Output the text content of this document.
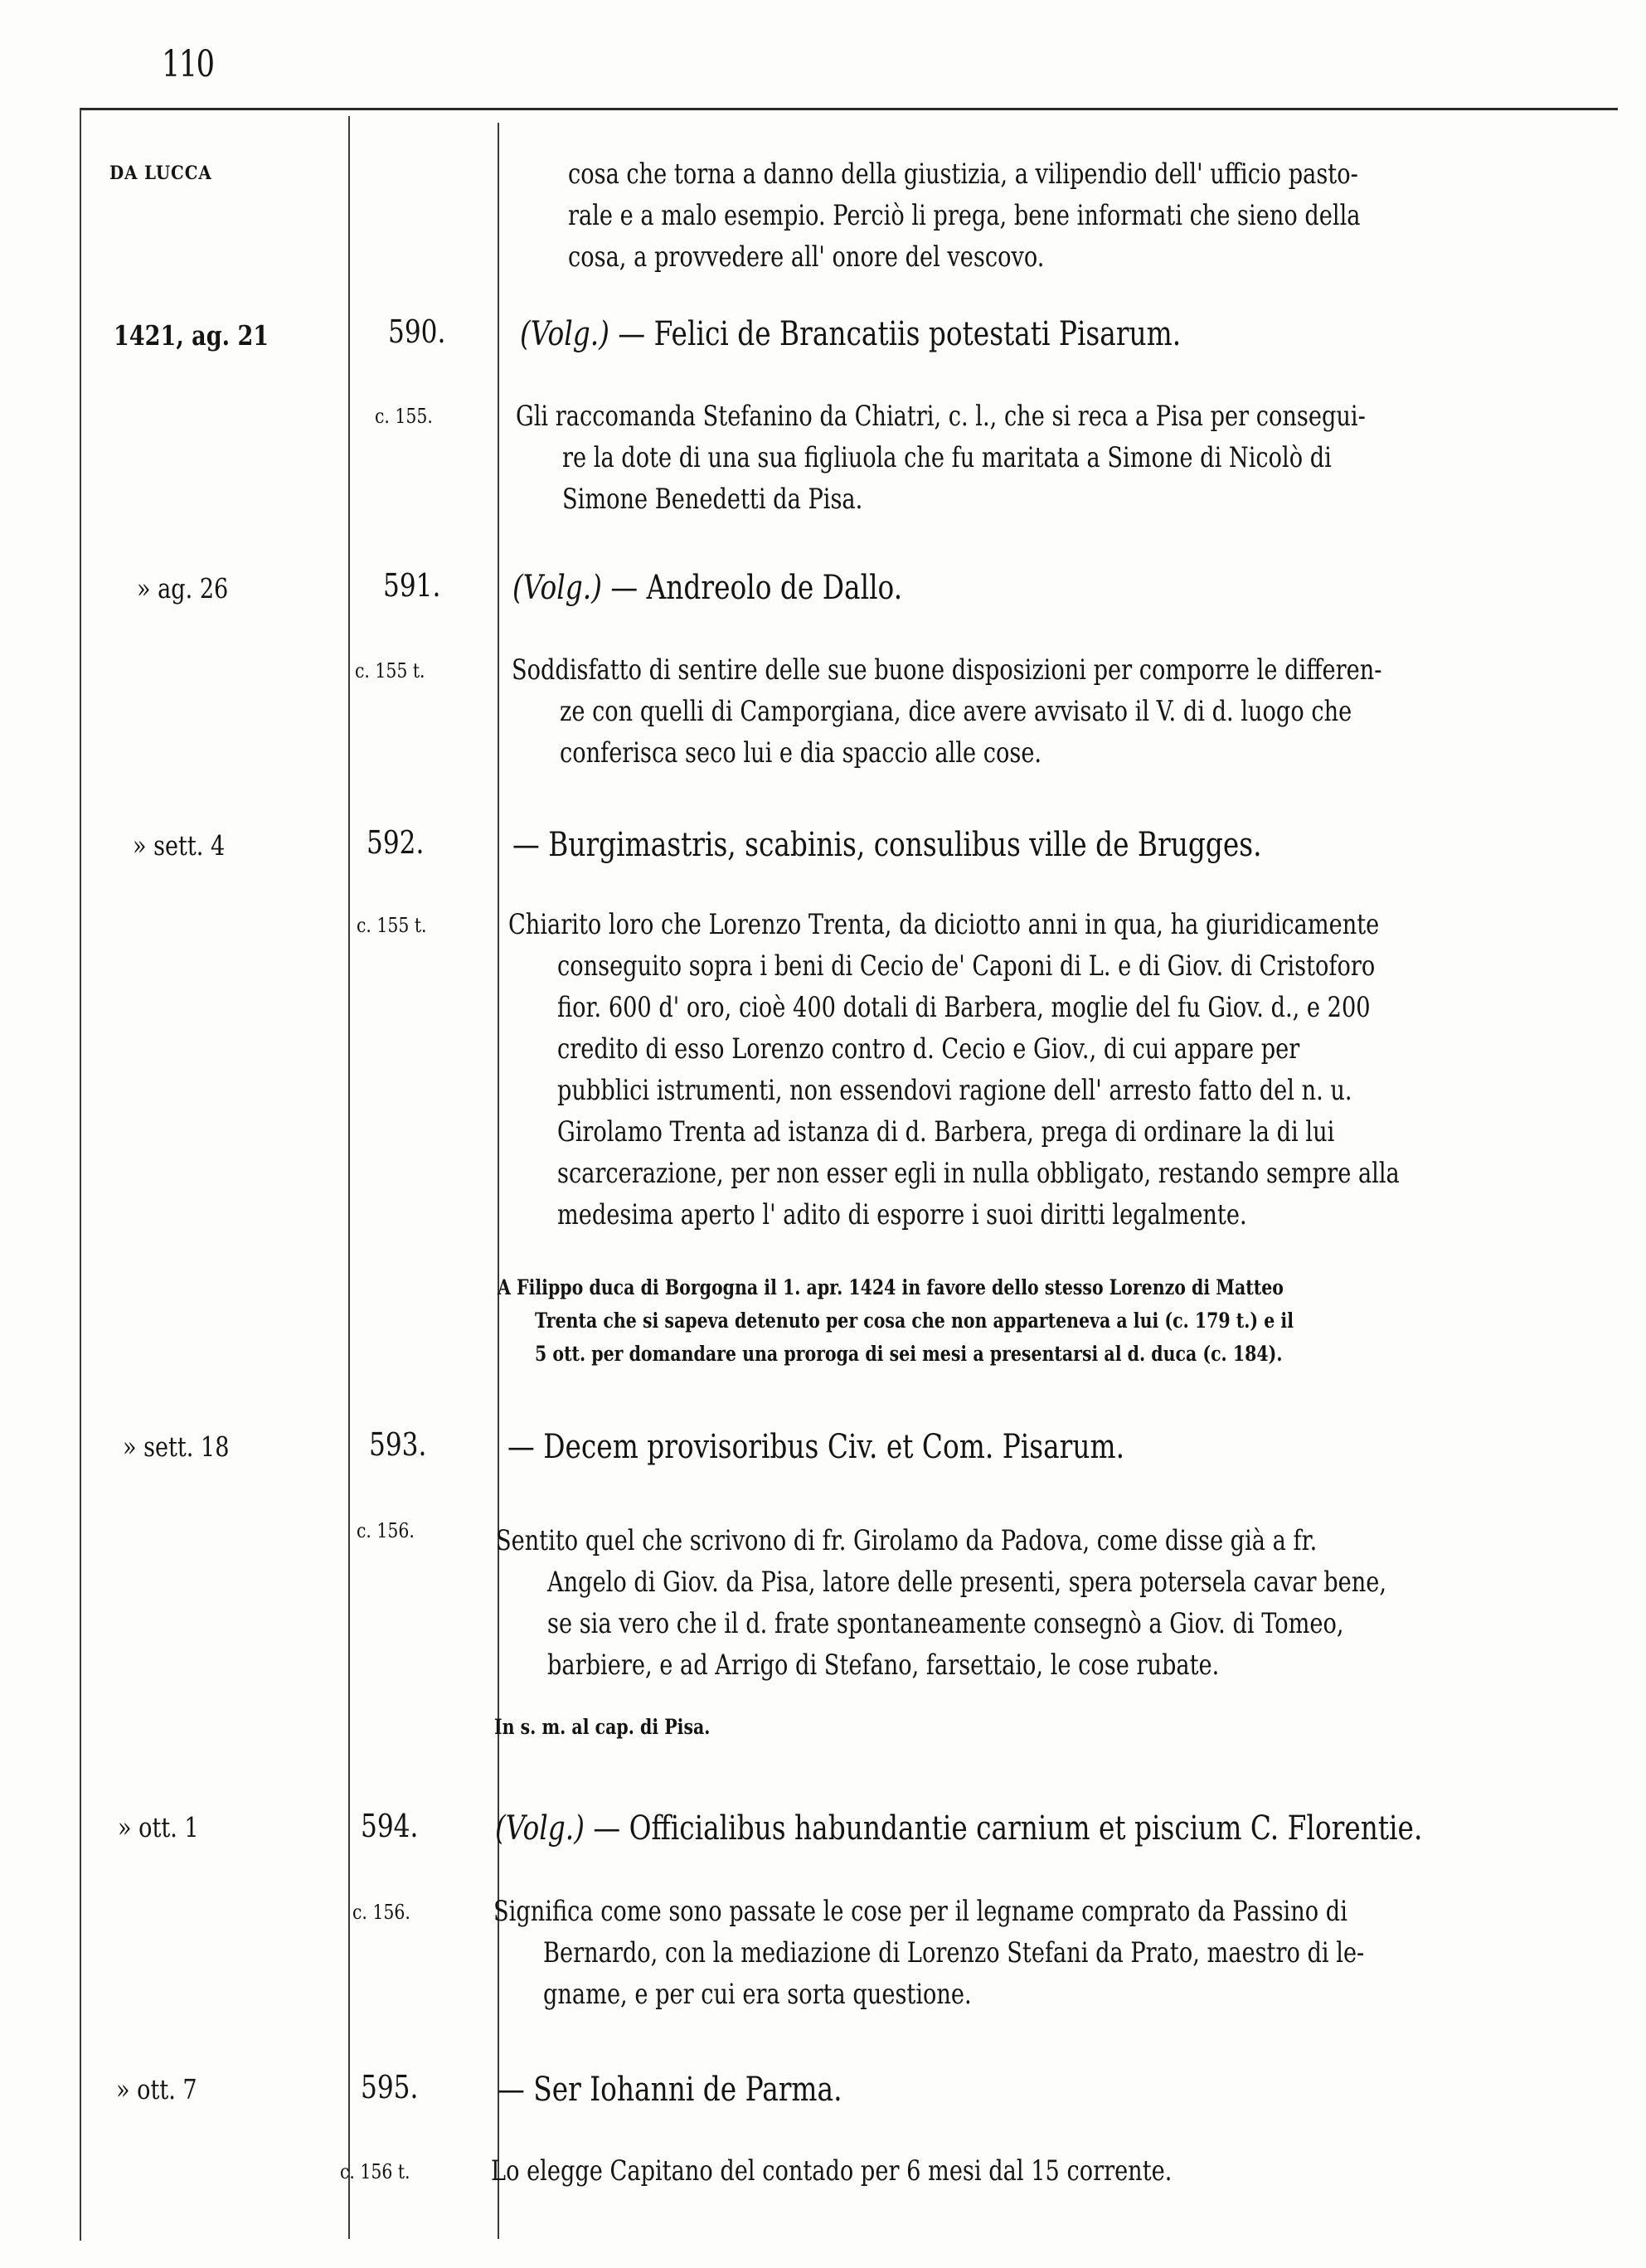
110
DA LUCCA	cosa che torna a danno della giustizia, a vilipendio dell' ufficio pasto-
rale e a malo esempio. Perciò li prega, bene informati che sieno della
cosa, a provvedere all' onore del vescovo.
1421, ag. 21	590. (Volg.) — Felici de Brancatiis potestati Pisarum.
c. 155.	Gli raccomanda Stefanino da Chiatri, c. l., che si reca a Pisa per consegui-
re la dote di una sua figliuola che fu maritata a Simone di Nicolò di
Simone Benedetti da Pisa.
» ag. 26	591. (Volg.) — Andreolo de Dallo.
c. 155 t.	Soddisfatto di sentire delle sue buone disposizioni per comporre le differen-
ze con quelli di Camporgiana, dice avere avvisato il V. di d. luogo che
conferisca seco lui e dia spaccio alle cose.
» sett. 4	592.	— Burgimastris, scabinis, consulibus ville de Brugges.
c. 155 t.	Chiarito loro che Lorenzo Trenta, da diciotto anni in qua, ha giuridicamente
conseguito sopra i beni di Cecio de' Caponi di L. e di Giov. di Cristoforo
fior. 600 d' oro, cioè 400 dotali di Barbera, moglie del fu Giov. d., e 200
credito di esso Lorenzo contro d. Cecio e Giov., di cui appare per
pubblici istrumenti, non essendovi ragione dell' arresto fatto del n. u.
Girolamo Trenta ad istanza di d. Barbera, prega di ordinare la di lui
scarcerazione, per non esser egli in nulla obbligato, restando sempre alla
medesima aperto l' adito di esporre i suoi diritti legalmente.
A Filippo duca di Borgogna il 1. apr. 1424 in favore dello stesso Lorenzo di Matteo
Trenta che si sapeva detenuto per cosa che non apparteneva a lui (c. 179 t.) e il
5 ott. per domandare una proroga di sei mesi a presentarsi al d. duca (c. 184).
» sett. 18	593. — Decem provisoribus Civ. et Com. Pisarum.
c. 156.	Sentito quel che scrivono di fr. Girolamo da Padova, come disse già a fr.
Angelo di Giov. da Pisa, latore delle presenti, spera potersela cavar bene,
se sia vero che il d. frate spontaneamente consegnò a Giov. di Tomeo,
barbiere, e ad Arrigo di Stefano, farsettaio, le cose rubate.
In s. m. al cap. di Pisa.
» ott. 1	594. (Volg.) — Officialibus habundantie carnium et piscium C. Florentie.
c. 156.	Significa come sono passate le cose per il legname comprato da Passino di
Bernardo, con la mediazione di Lorenzo Stefani da Prato, maestro di le-
gname, e per cui era sorta questione.
» ott. 7	595. — Ser Iohanni de Parma.
c. 156 t.	Lo elegge Capitano del contado per 6 mesi dal 15 corrente.
